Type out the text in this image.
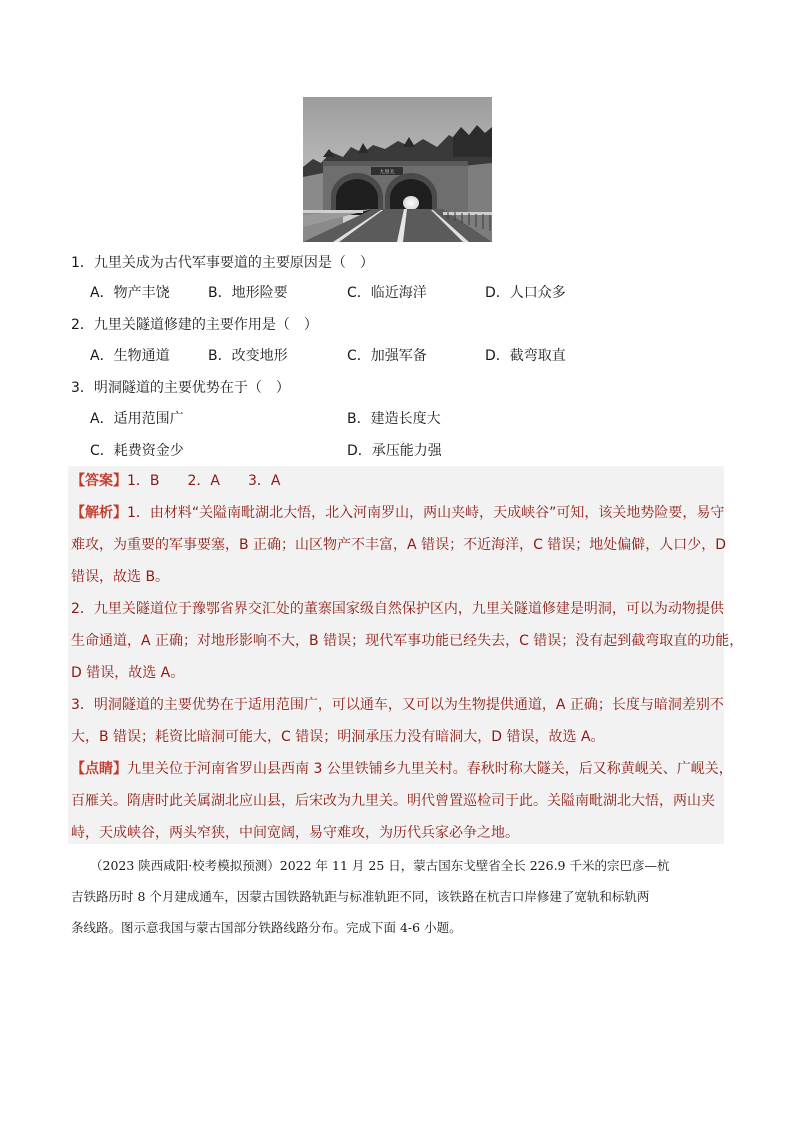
九里关
1．九里关成为古代军事要道的主要原因是（　）
A．物产丰饶	B．地形险要	C．临近海洋	D．人口众多
2．九里关隧道修建的主要作用是（　）
A．生物通道	B．改变地形	C．加强军备	D．截弯取直
3．明洞隧道的主要优势在于（　）
A．适用范围广	B．建造长度大
C．耗费资金少	D．承压能力强
【答案】1．B　　2．A　　3．A
【解析】1．由材料“关隘南毗湖北大悟，北入河南罗山，两山夹峙，天成峡谷”可知，该关地势险要，易守
难攻，为重要的军事要塞，B 正确；山区物产不丰富，A 错误；不近海洋，C 错误；地处偏僻，人口少，D
错误，故选 B。
2．九里关隧道位于豫鄂省界交汇处的董寨国家级自然保护区内，九里关隧道修建是明洞，可以为动物提供
生命通道，A 正确；对地形影响不大，B 错误；现代军事功能已经失去，C 错误；没有起到截弯取直的功能，
D 错误，故选 A。
3．明洞隧道的主要优势在于适用范围广，可以通车，又可以为生物提供通道，A 正确；长度与暗洞差别不
大，B 错误；耗资比暗洞可能大，C 错误；明洞承压力没有暗洞大，D 错误，故选 A。
【点睛】九里关位于河南省罗山县西南 3 公里铁铺乡九里关村。春秋时称大隧关，后又称黄岘关、广岘关，
百雁关。隋唐时此关属湖北应山县，后宋改为九里关。明代曾置巡检司于此。关隘南毗湖北大悟，两山夹
峙，天成峡谷，两头窄狭，中间宽阔，易守难攻，为历代兵家必争之地。
（2023 陕西咸阳·校考模拟预测）2022 年 11 月 25 日，蒙古国东戈壁省全长 226.9 千米的宗巴彦—杭
吉铁路历时 8 个月建成通车，因蒙古国铁路轨距与标准轨距不同，该铁路在杭吉口岸修建了宽轨和标轨两
条线路。图示意我国与蒙古国部分铁路线路分布。完成下面 4-6 小题。
